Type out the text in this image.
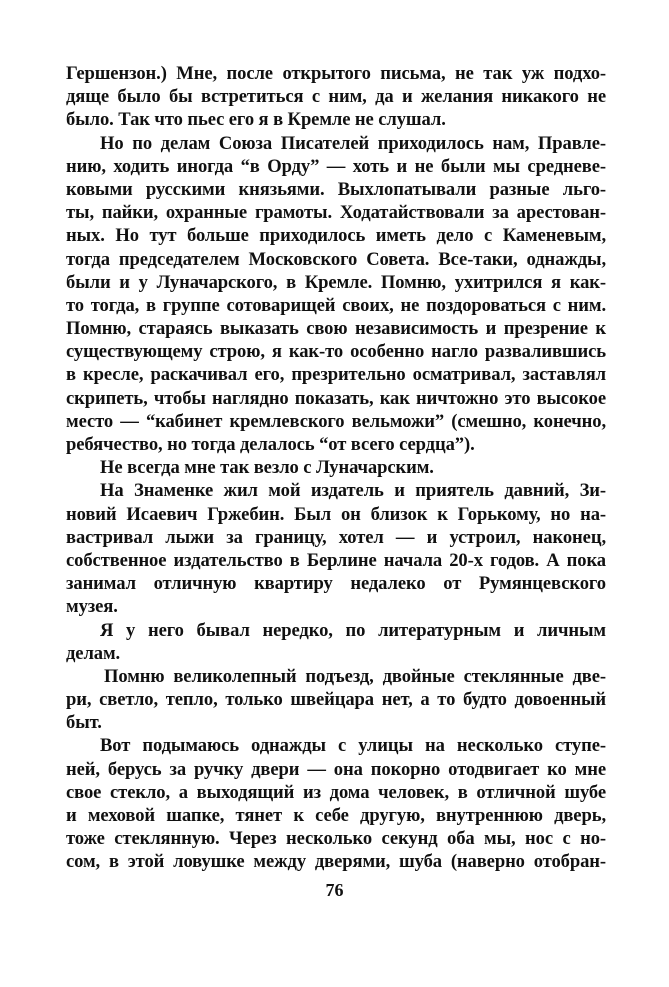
Гершензон.) Мне, после открытого письма, не так уж подхо-
дяще было бы встретиться с ним, да и желания никакого не
было. Так что пьес его я в Кремле не слушал.
Но по делам Союза Писателей приходилось нам, Правле-
нию, ходить иногда “в Орду” — хоть и не были мы средневе-
ковыми русскими князьями. Выхлопатывали разные льго-
ты, пайки, охранные грамоты. Ходатайствовали за арестован-
ных. Но тут больше приходилось иметь дело с Каменевым,
тогда председателем Московского Совета. Все-таки, однажды,
были и у Луначарского, в Кремле. Помню, ухитрился я как-
то тогда, в группе сотоварищей своих, не поздороваться с ним.
Помню, стараясь выказать свою независимость и презрение к
существующему строю, я как-то особенно нагло развалившись
в кресле, раскачивал его, презрительно осматривал, заставлял
скрипеть, чтобы наглядно показать, как ничтожно это высокое
место — “кабинет кремлевского вельможи” (смешно, конечно,
ребячество, но тогда делалось “от всего сердца”).
Не всегда мне так везло с Луначарским.
На Знаменке жил мой издатель и приятель давний, Зи-
новий Исаевич Гржебин. Был он близок к Горькому, но на-
вастривал лыжи за границу, хотел — и устроил, наконец,
собственное издательство в Берлине начала 20-х годов. А пока
занимал отличную квартиру недалеко от Румянцевского
музея.
Я у него бывал нередко, по литературным и личным
делам.
Помню великолепный подъезд, двойные стеклянные две-
ри, светло, тепло, только швейцара нет, а то будто довоенный
быт.
Вот подымаюсь однажды с улицы на несколько ступе-
ней, берусь за ручку двери — она покорно отодвигает ко мне
свое стекло, а выходящий из дома человек, в отличной шубе
и меховой шапке, тянет к себе другую, внутреннюю дверь,
тоже стеклянную. Через несколько секунд оба мы, нос с но-
сом, в этой ловушке между дверями, шуба (наверно отобран-
76
